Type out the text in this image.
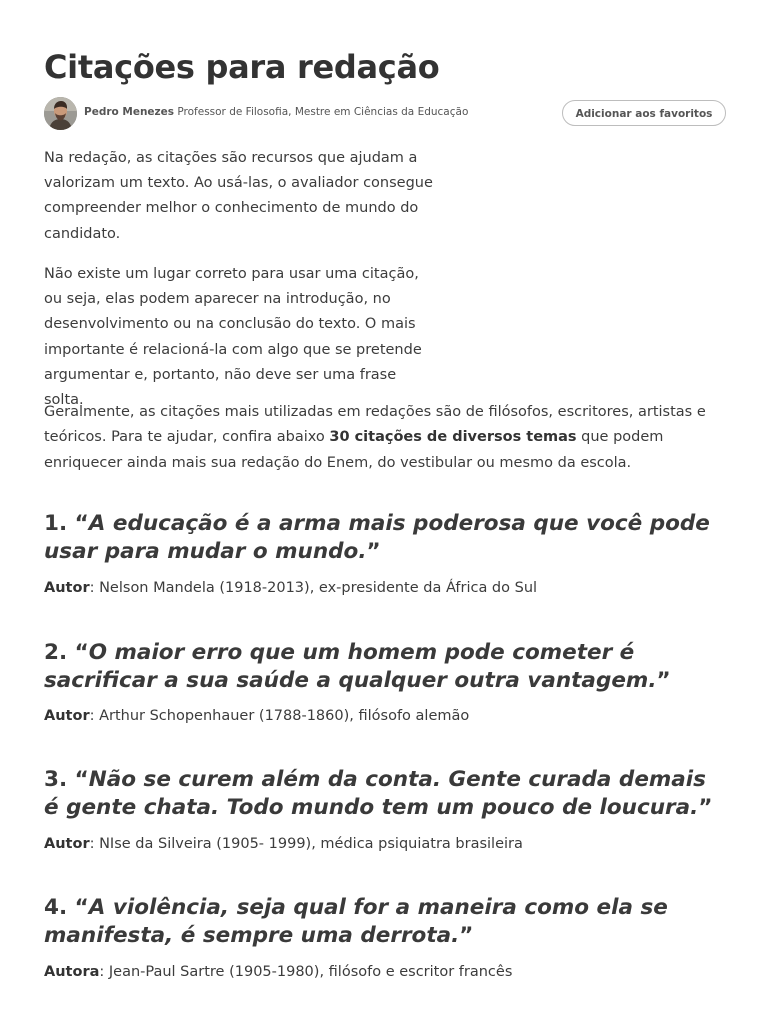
Citações para redação
Pedro Menezes Professor de Filosofia, Mestre em Ciências da Educação	Adicionar aos favoritos

Na redação, as citações são recursos que ajudam a valorizam um texto. Ao usá-las, o avaliador consegue compreender melhor o conhecimento de mundo do candidato.

Não existe um lugar correto para usar uma citação, ou seja, elas podem aparecer na introdução, no desenvolvimento ou na conclusão do texto. O mais importante é relacioná-la com algo que se pretende argumentar e, portanto, não deve ser uma frase solta.

Geralmente, as citações mais utilizadas em redações são de filósofos, escritores, artistas e teóricos. Para te ajudar, confira abaixo 30 citações de diversos temas que podem enriquecer ainda mais sua redação do Enem, do vestibular ou mesmo da escola.

1. “A educação é a arma mais poderosa que você pode usar para mudar o mundo.”

Autor: Nelson Mandela (1918-2013), ex-presidente da África do Sul

2. “O maior erro que um homem pode cometer é sacrificar a sua saúde a qualquer outra vantagem.”

Autor: Arthur Schopenhauer (1788-1860), filósofo alemão

3. “Não se curem além da conta. Gente curada demais é gente chata. Todo mundo tem um pouco de loucura.”

Autor: NIse da Silveira (1905- 1999), médica psiquiatra brasileira

4. “A violência, seja qual for a maneira como ela se manifesta, é sempre uma derrota.”

Autora: Jean-Paul Sartre (1905-1980), filósofo e escritor francês
